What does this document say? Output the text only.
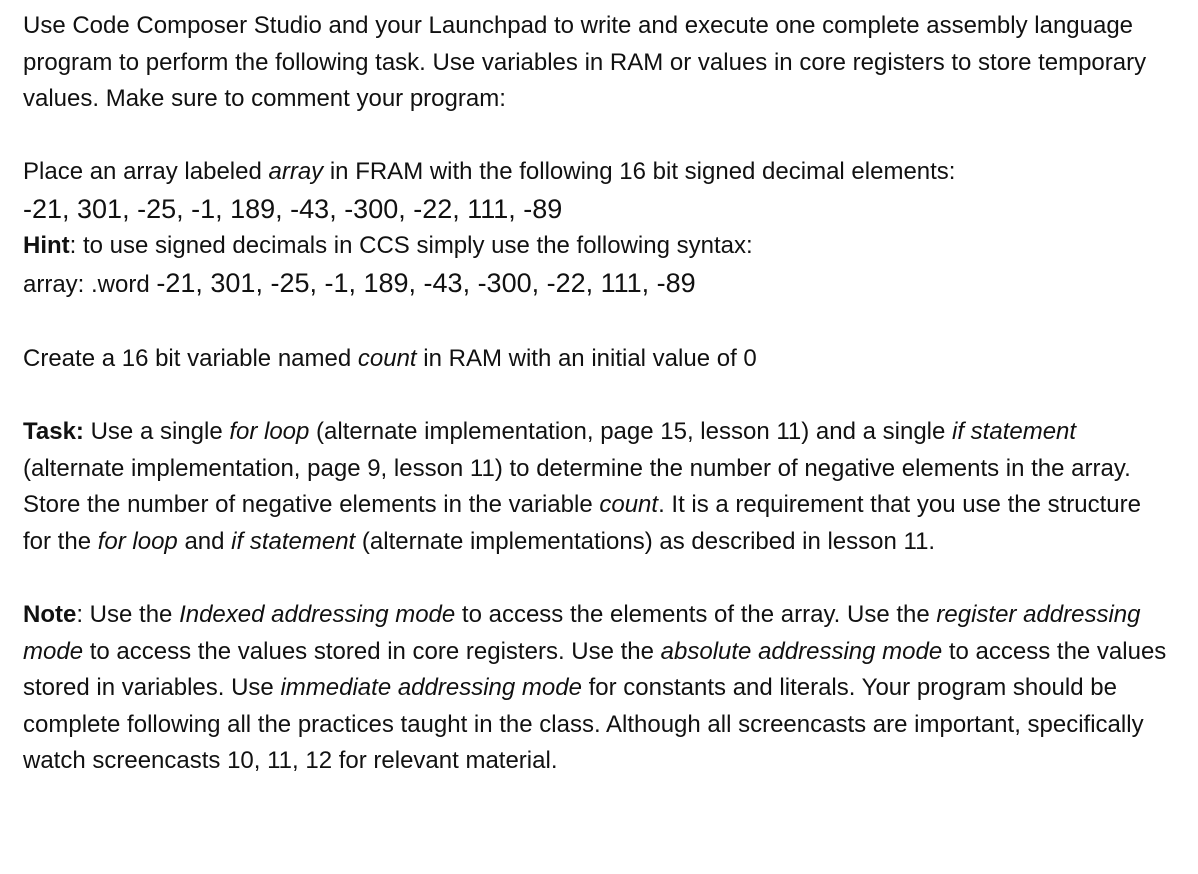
Use Code Composer Studio and your Launchpad to write and execute one complete assembly language program to perform the following task. Use variables in RAM or values in core registers to store temporary values. Make sure to comment your program:

Place an array labeled array in FRAM with the following 16 bit signed decimal elements:

-21, 301, -25, -1, 189, -43, -300, -22, 111, -89

Hint: to use signed decimals in CCS simply use the following syntax:

array: .word -21, 301, -25, -1, 189, -43, -300, -22, 111, -89

Create a 16 bit variable named count in RAM with an initial value of 0

Task: Use a single for loop (alternate implementation, page 15, lesson 11) and a single if statement (alternate implementation, page 9, lesson 11) to determine the number of negative elements in the array. Store the number of negative elements in the variable count. It is a requirement that you use the structure for the for loop and if statement (alternate implementations) as described in lesson 11.

Note: Use the Indexed addressing mode to access the elements of the array. Use the register addressing mode to access the values stored in core registers. Use the absolute addressing mode to access the values stored in variables. Use immediate addressing mode for constants and literals. Your program should be complete following all the practices taught in the class. Although all screencasts are important, specifically watch screencasts 10, 11, 12 for relevant material.
